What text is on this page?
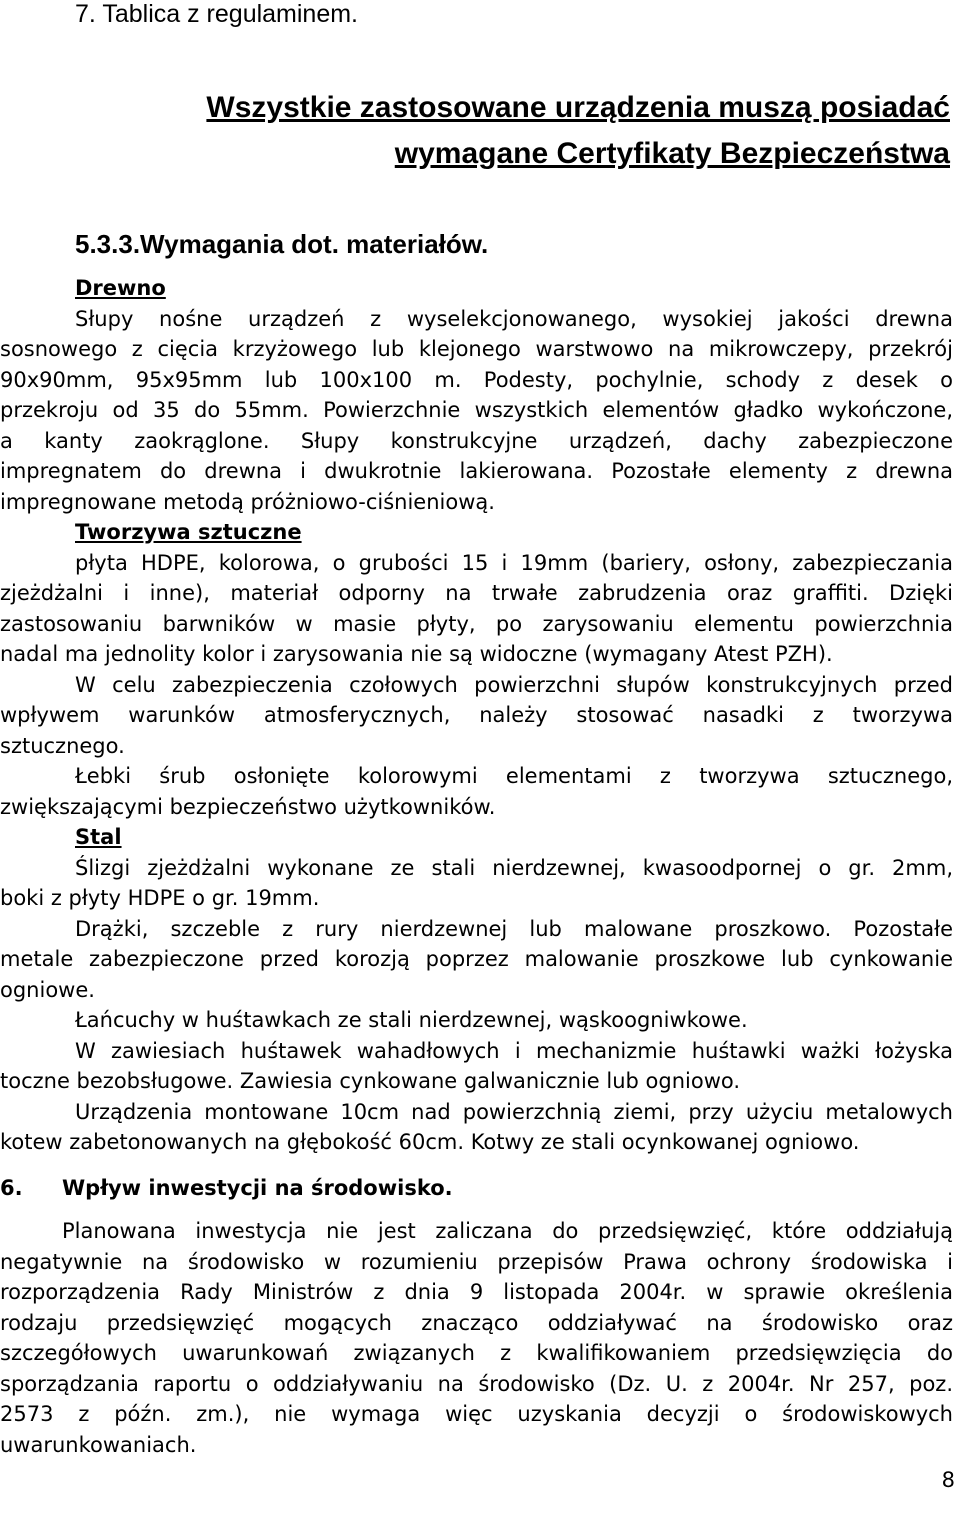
7. Tablica z regulaminem.
Wszystkie zastosowane urządzenia muszą posiadać
wymagane Certyfikaty Bezpieczeństwa
5.3.3.Wymagania dot. materiałów.
Drewno
Słupy nośne urządzeń z wyselekcjonowanego, wysokiej jakości drewna
sosnowego z cięcia krzyżowego lub klejonego warstwowo na mikrowczepy, przekrój
90x90mm, 95x95mm lub 100x100 m. Podesty, pochylnie, schody z desek o
przekroju od 35 do 55mm. Powierzchnie wszystkich elementów gładko wykończone,
a kanty zaokrąglone. Słupy konstrukcyjne urządzeń, dachy zabezpieczone
impregnatem do drewna i dwukrotnie lakierowana. Pozostałe elementy z drewna
impregnowane metodą próżniowo-ciśnieniową.
Tworzywa sztuczne
płyta HDPE, kolorowa, o grubości 15 i 19mm (bariery, osłony, zabezpieczania
zjeżdżalni i inne), materiał odporny na trwałe zabrudzenia oraz graffiti. Dzięki
zastosowaniu barwników w masie płyty, po zarysowaniu elementu powierzchnia
nadal ma jednolity kolor i zarysowania nie są widoczne (wymagany Atest PZH).
W celu zabezpieczenia czołowych powierzchni słupów konstrukcyjnych przed
wpływem warunków atmosferycznych, należy stosować nasadki z tworzywa
sztucznego.
Łebki śrub osłonięte kolorowymi elementami z tworzywa sztucznego,
zwiększającymi bezpieczeństwo użytkowników.
Stal
Ślizgi zjeżdżalni wykonane ze stali nierdzewnej, kwasoodpornej o gr. 2mm,
boki z płyty HDPE o gr. 19mm.
Drążki, szczeble z rury nierdzewnej lub malowane proszkowo. Pozostałe
metale zabezpieczone przed korozją poprzez malowanie proszkowe lub cynkowanie
ogniowe.
Łańcuchy w huśtawkach ze stali nierdzewnej, wąskoogniwkowe.
W zawiesiach huśtawek wahadłowych i mechanizmie huśtawki ważki łożyska
toczne bezobsługowe. Zawiesia cynkowane galwanicznie lub ogniowo.
Urządzenia montowane 10cm nad powierzchnią ziemi, przy użyciu metalowych
kotew zabetonowanych na głębokość 60cm. Kotwy ze stali ocynkowanej ogniowo.
6.	Wpływ inwestycji na środowisko.
Planowana inwestycja nie jest zaliczana do przedsięwzięć, które oddziałują
negatywnie na środowisko w rozumieniu przepisów Prawa ochrony środowiska i
rozporządzenia Rady Ministrów z dnia 9 listopada 2004r. w sprawie określenia
rodzaju przedsięwzięć mogących znacząco oddziaływać na środowisko oraz
szczegółowych uwarunkowań związanych z kwalifikowaniem przedsięwzięcia do
sporządzania raportu o oddziaływaniu na środowisko (Dz. U. z 2004r. Nr 257, poz.
2573 z późn. zm.), nie wymaga więc uzyskania decyzji o środowiskowych
uwarunkowaniach.
8
